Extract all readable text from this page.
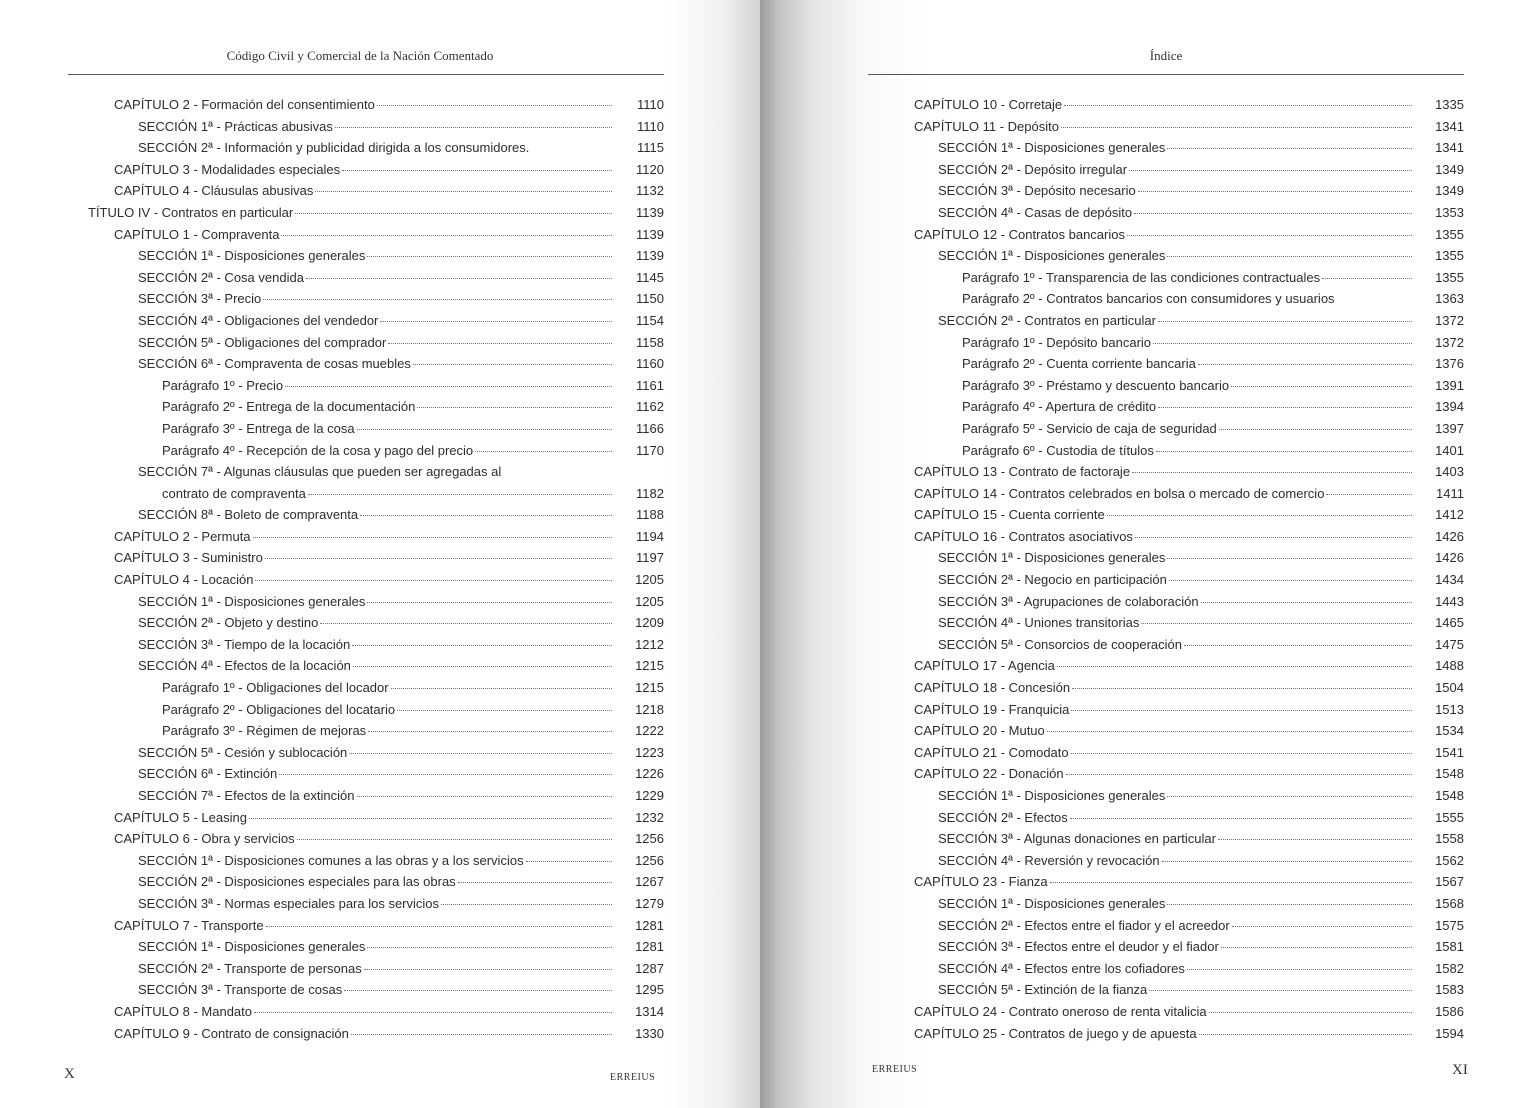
Código Civil y Comercial de la Nación Comentado
CAPÍTULO 2 - Formación del consentimiento	1110
SECCIÓN 1ª - Prácticas abusivas	1110
SECCIÓN 2ª - Información y publicidad dirigida a los consumidores.	1115
CAPÍTULO 3 - Modalidades especiales	1120
CAPÍTULO 4 - Cláusulas abusivas	1132
TÍTULO IV - Contratos en particular	1139
CAPÍTULO 1 - Compraventa	1139
SECCIÓN 1ª - Disposiciones generales	1139
SECCIÓN 2ª - Cosa vendida	1145
SECCIÓN 3ª - Precio	1150
SECCIÓN 4ª - Obligaciones del vendedor	1154
SECCIÓN 5ª - Obligaciones del comprador	1158
SECCIÓN 6ª - Compraventa de cosas muebles	1160
Parágrafo 1º - Precio	1161
Parágrafo 2º - Entrega de la documentación	1162
Parágrafo 3º - Entrega de la cosa	1166
Parágrafo 4º - Recepción de la cosa y pago del precio	1170
SECCIÓN 7ª - Algunas cláusulas que pueden ser agregadas al
contrato de compraventa	1182
SECCIÓN 8ª - Boleto de compraventa	1188
CAPÍTULO 2 - Permuta	1194
CAPÍTULO 3 - Suministro	1197
CAPÍTULO 4 - Locación	1205
SECCIÓN 1ª - Disposiciones generales	1205
SECCIÓN 2ª - Objeto y destino	1209
SECCIÓN 3ª - Tiempo de la locación	1212
SECCIÓN 4ª - Efectos de la locación	1215
Parágrafo 1º - Obligaciones del locador	1215
Parágrafo 2º - Obligaciones del locatario	1218
Parágrafo 3º - Régimen de mejoras	1222
SECCIÓN 5ª - Cesión y sublocación	1223
SECCIÓN 6ª - Extinción	1226
SECCIÓN 7ª - Efectos de la extinción	1229
CAPÍTULO 5 - Leasing	1232
CAPÍTULO 6 - Obra y servicios	1256
SECCIÓN 1ª - Disposiciones comunes a las obras y a los servicios	1256
SECCIÓN 2ª - Disposiciones especiales para las obras	1267
SECCIÓN 3ª - Normas especiales para los servicios	1279
CAPÍTULO 7 - Transporte	1281
SECCIÓN 1ª - Disposiciones generales	1281
SECCIÓN 2ª - Transporte de personas	1287
SECCIÓN 3ª - Transporte de cosas	1295
CAPÍTULO 8 - Mandato	1314
CAPÍTULO 9 - Contrato de consignación	1330
X	ERREIUS
Índice
CAPÍTULO 10 - Corretaje	1335
CAPÍTULO 11 - Depósito	1341
SECCIÓN 1ª - Disposiciones generales	1341
SECCIÓN 2ª - Depósito irregular	1349
SECCIÓN 3ª - Depósito necesario	1349
SECCIÓN 4ª - Casas de depósito	1353
CAPÍTULO 12 - Contratos bancarios	1355
SECCIÓN 1ª - Disposiciones generales	1355
Parágrafo 1º - Transparencia de las condiciones contractuales	1355
Parágrafo 2º - Contratos bancarios con consumidores y usuarios	1363
SECCIÓN 2ª - Contratos en particular	1372
Parágrafo 1º - Depósito bancario	1372
Parágrafo 2º - Cuenta corriente bancaria	1376
Parágrafo 3º - Préstamo y descuento bancario	1391
Parágrafo 4º - Apertura de crédito	1394
Parágrafo 5º - Servicio de caja de seguridad	1397
Parágrafo 6º - Custodia de títulos	1401
CAPÍTULO 13 - Contrato de factoraje	1403
CAPÍTULO 14 - Contratos celebrados en bolsa o mercado de comercio	1411
CAPÍTULO 15 - Cuenta corriente	1412
CAPÍTULO 16 - Contratos asociativos	1426
SECCIÓN 1ª - Disposiciones generales	1426
SECCIÓN 2ª - Negocio en participación	1434
SECCIÓN 3ª - Agrupaciones de colaboración	1443
SECCIÓN 4ª - Uniones transitorias	1465
SECCIÓN 5ª - Consorcios de cooperación	1475
CAPÍTULO 17 - Agencia	1488
CAPÍTULO 18 - Concesión	1504
CAPÍTULO 19 - Franquicia	1513
CAPÍTULO 20 - Mutuo	1534
CAPÍTULO 21 - Comodato	1541
CAPÍTULO 22 - Donación	1548
SECCIÓN 1ª - Disposiciones generales	1548
SECCIÓN 2ª - Efectos	1555
SECCIÓN 3ª - Algunas donaciones en particular	1558
SECCIÓN 4ª - Reversión y revocación	1562
CAPÍTULO 23 - Fianza	1567
SECCIÓN 1ª - Disposiciones generales	1568
SECCIÓN 2ª - Efectos entre el fiador y el acreedor	1575
SECCIÓN 3ª - Efectos entre el deudor y el fiador	1581
SECCIÓN 4ª - Efectos entre los cofiadores	1582
SECCIÓN 5ª - Extinción de la fianza	1583
CAPÍTULO 24 - Contrato oneroso de renta vitalicia	1586
CAPÍTULO 25 - Contratos de juego y de apuesta	1594
ERREIUS	XI
